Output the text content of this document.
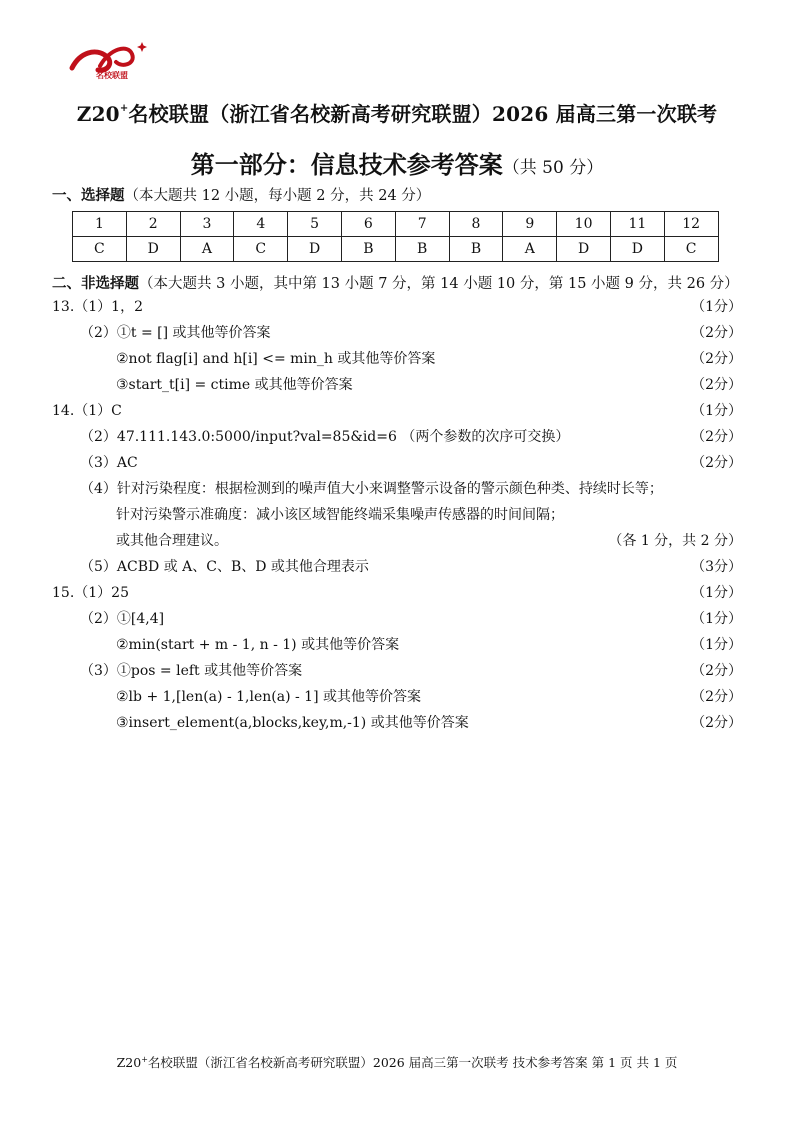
名校联盟
Z20+名校联盟（浙江省名校新高考研究联盟）2026 届高三第一次联考
第一部分：信息技术参考答案（共 50 分）
一、选择题（本大题共 12 小题，每小题 2 分，共 24 分）
1	2	3	4	5	6	7	8	9	10	11	12
C	D	A	C	D	B	B	B	A	D	D	C
二、非选择题（本大题共 3 小题，其中第 13 小题 7 分，第 14 小题 10 分，第 15 小题 9 分，共 26 分）
13.（1）1，2	（1分）
（2）①t = [] 或其他等价答案	（2分）
②not flag[i] and h[i] <= min_h 或其他等价答案	（2分）
③start_t[i] = ctime 或其他等价答案	（2分）
14.（1）C	（1分）
（2）47.111.143.0:5000/input?val=85&id=6 （两个参数的次序可交换）	（2分）
（3）AC	（2分）
（4）针对污染程度：根据检测到的噪声值大小来调整警示设备的警示颜色种类、持续时长等；
针对污染警示准确度：减小该区域智能终端采集噪声传感器的时间间隔；
或其他合理建议。	（各 1 分，共 2 分）
（5）ACBD 或 A、C、B、D 或其他合理表示	（3分）
15.（1）25	（1分）
（2）①[4,4]	（1分）
②min(start + m - 1, n - 1) 或其他等价答案	（1分）
（3）①pos = left 或其他等价答案	（2分）
②lb + 1,[len(a) - 1,len(a) - 1] 或其他等价答案	（2分）
③insert_element(a,blocks,key,m,-1) 或其他等价答案	（2分）
Z20+名校联盟（浙江省名校新高考研究联盟）2026 届高三第一次联考 技术参考答案 第 1 页 共 1 页
